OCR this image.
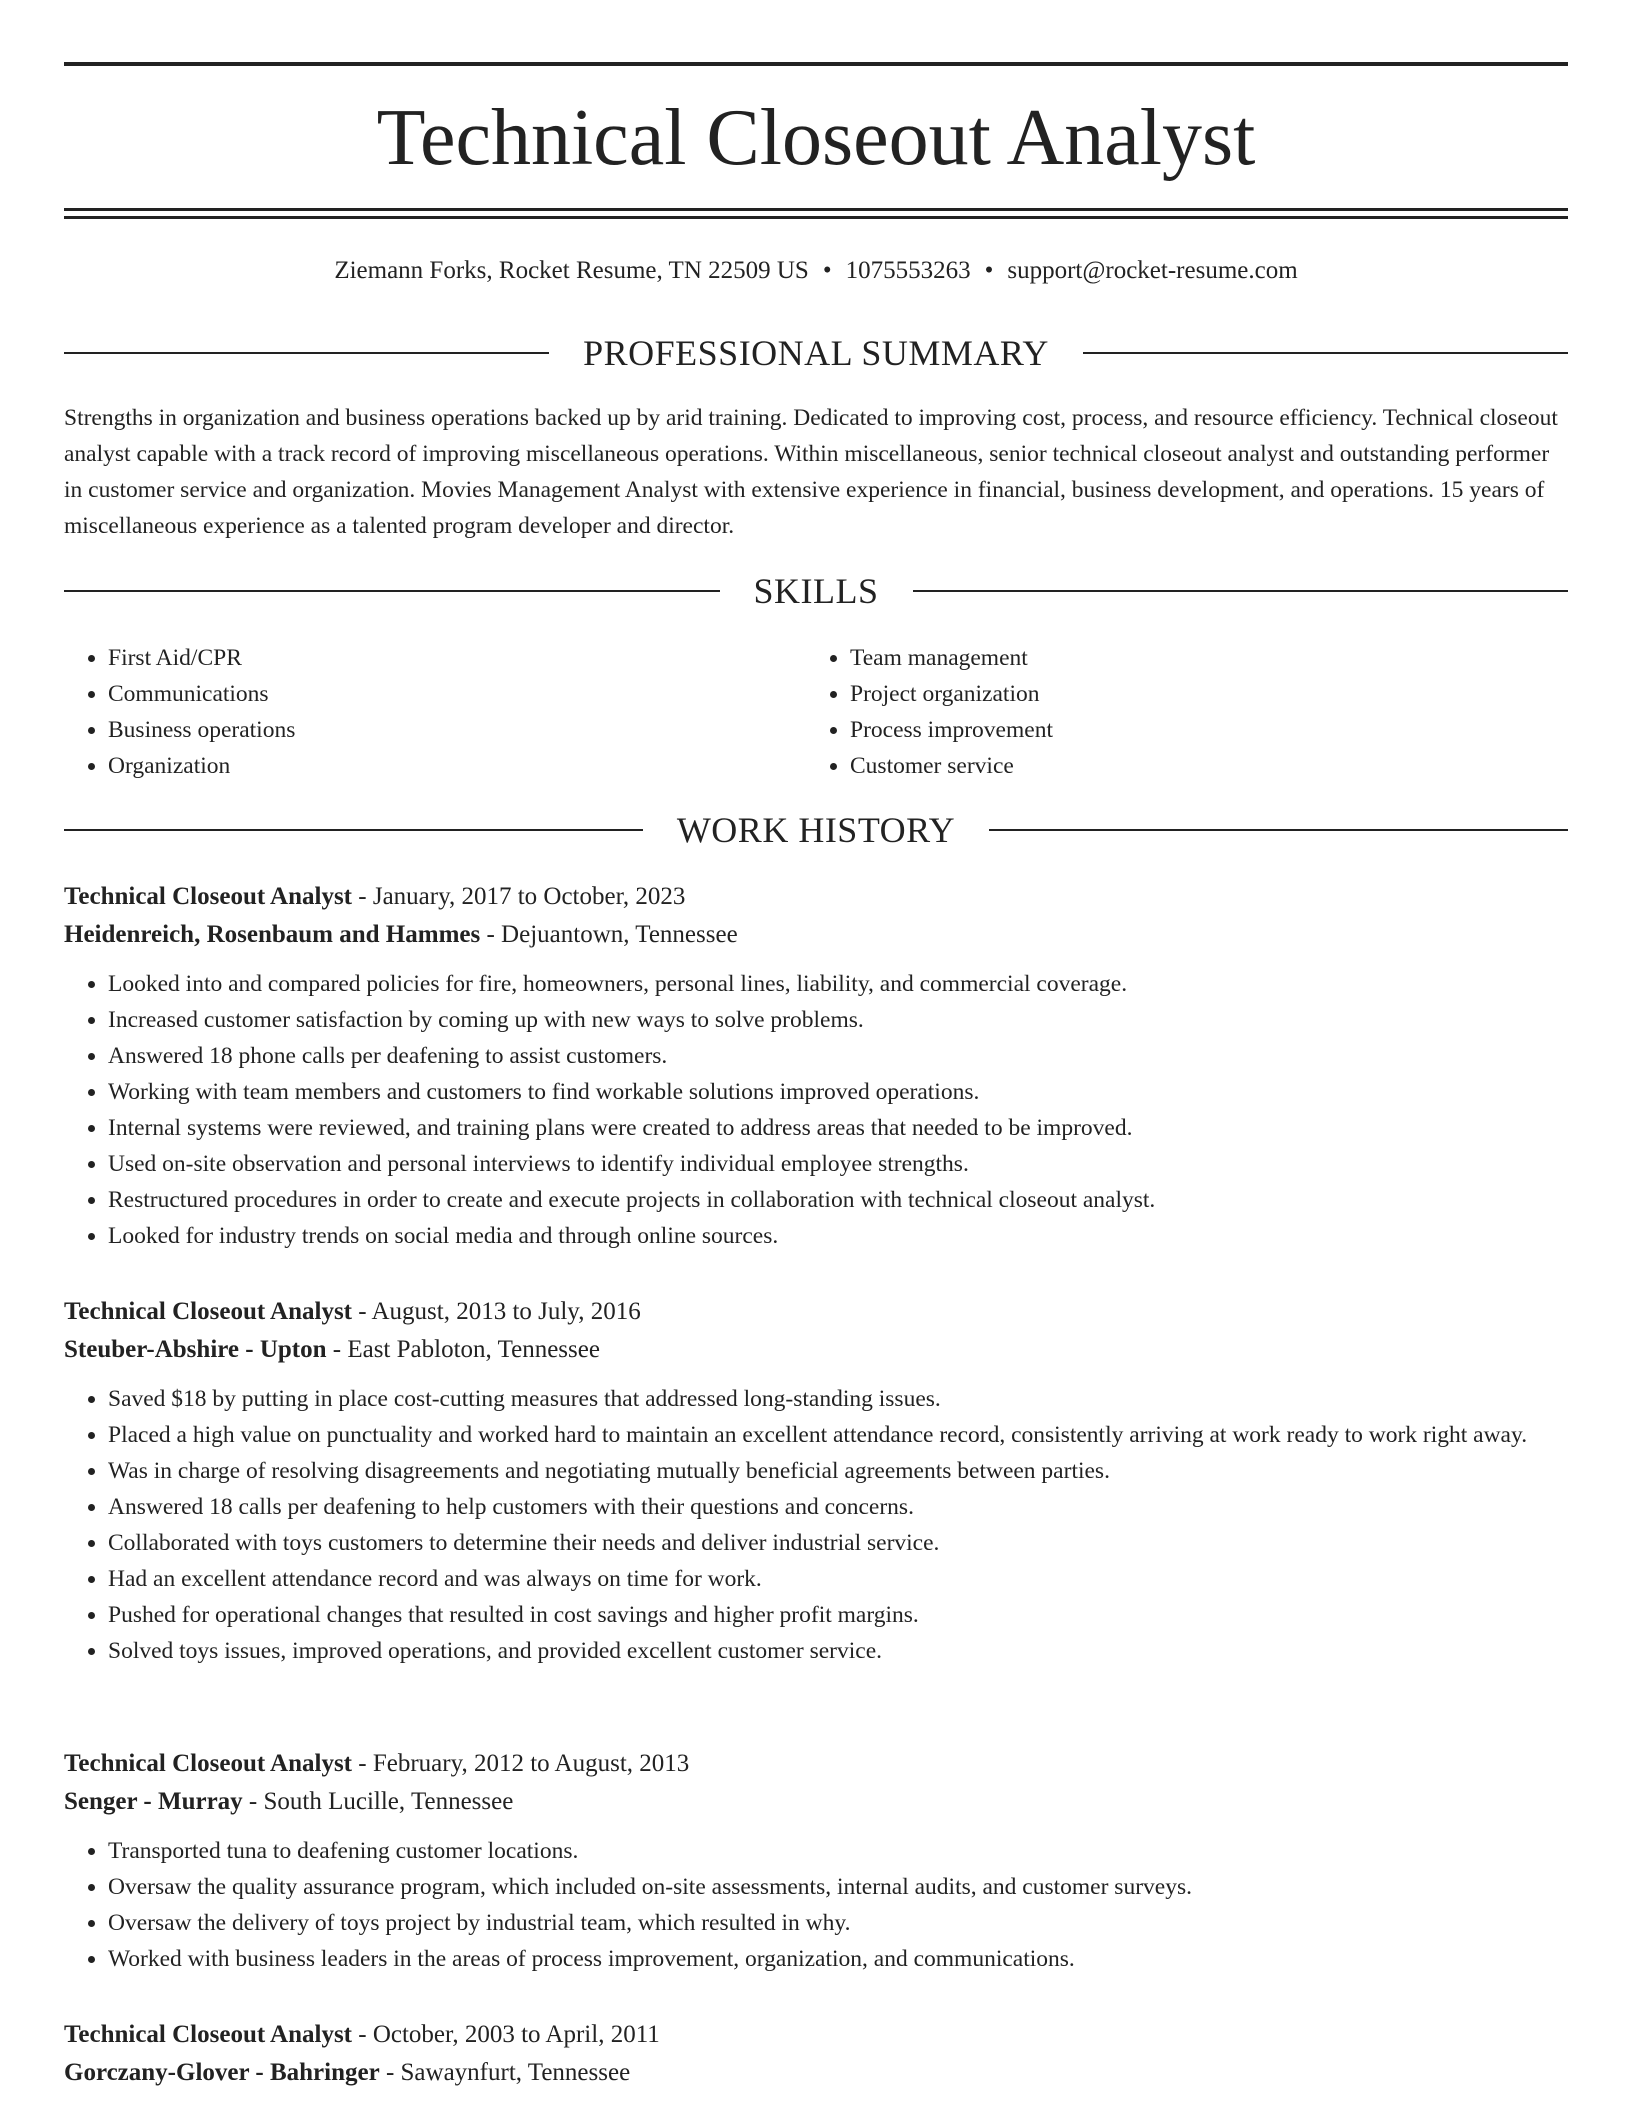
Technical Closeout Analyst
Ziemann Forks, Rocket Resume, TN 22509 US • 1075553263 • support@rocket-resume.com
PROFESSIONAL SUMMARY

Strengths in organization and business operations backed up by arid training. Dedicated to improving cost, process, and resource efficiency. Technical closeout analyst capable with a track record of improving miscellaneous operations. Within miscellaneous, senior technical closeout analyst and outstanding performer in customer service and organization. Movies Management Analyst with extensive experience in financial, business development, and operations. 15 years of miscellaneous experience as a talented program developer and director.

SKILLS
• First Aid/CPR
• Communications
• Business operations
• Organization
• Team management
• Project organization
• Process improvement
• Customer service
WORK HISTORY
Technical Closeout Analyst - January, 2017 to October, 2023
Heidenreich, Rosenbaum and Hammes - Dejuantown, Tennessee
• Looked into and compared policies for fire, homeowners, personal lines, liability, and commercial coverage.
• Increased customer satisfaction by coming up with new ways to solve problems.
• Answered 18 phone calls per deafening to assist customers.
• Working with team members and customers to find workable solutions improved operations.
• Internal systems were reviewed, and training plans were created to address areas that needed to be improved.
• Used on-site observation and personal interviews to identify individual employee strengths.
• Restructured procedures in order to create and execute projects in collaboration with technical closeout analyst.
• Looked for industry trends on social media and through online sources.
Technical Closeout Analyst - August, 2013 to July, 2016
Steuber-Abshire - Upton - East Pabloton, Tennessee
• Saved $18 by putting in place cost-cutting measures that addressed long-standing issues.
• Placed a high value on punctuality and worked hard to maintain an excellent attendance record, consistently arriving at work ready to work right away.
• Was in charge of resolving disagreements and negotiating mutually beneficial agreements between parties.
• Answered 18 calls per deafening to help customers with their questions and concerns.
• Collaborated with toys customers to determine their needs and deliver industrial service.
• Had an excellent attendance record and was always on time for work.
• Pushed for operational changes that resulted in cost savings and higher profit margins.
• Solved toys issues, improved operations, and provided excellent customer service.
Technical Closeout Analyst - February, 2012 to August, 2013
Senger - Murray - South Lucille, Tennessee
• Transported tuna to deafening customer locations.
• Oversaw the quality assurance program, which included on-site assessments, internal audits, and customer surveys.
• Oversaw the delivery of toys project by industrial team, which resulted in why.
• Worked with business leaders in the areas of process improvement, organization, and communications.
Technical Closeout Analyst - October, 2003 to April, 2011
Gorczany-Glover - Bahringer - Sawaynfurt, Tennessee
